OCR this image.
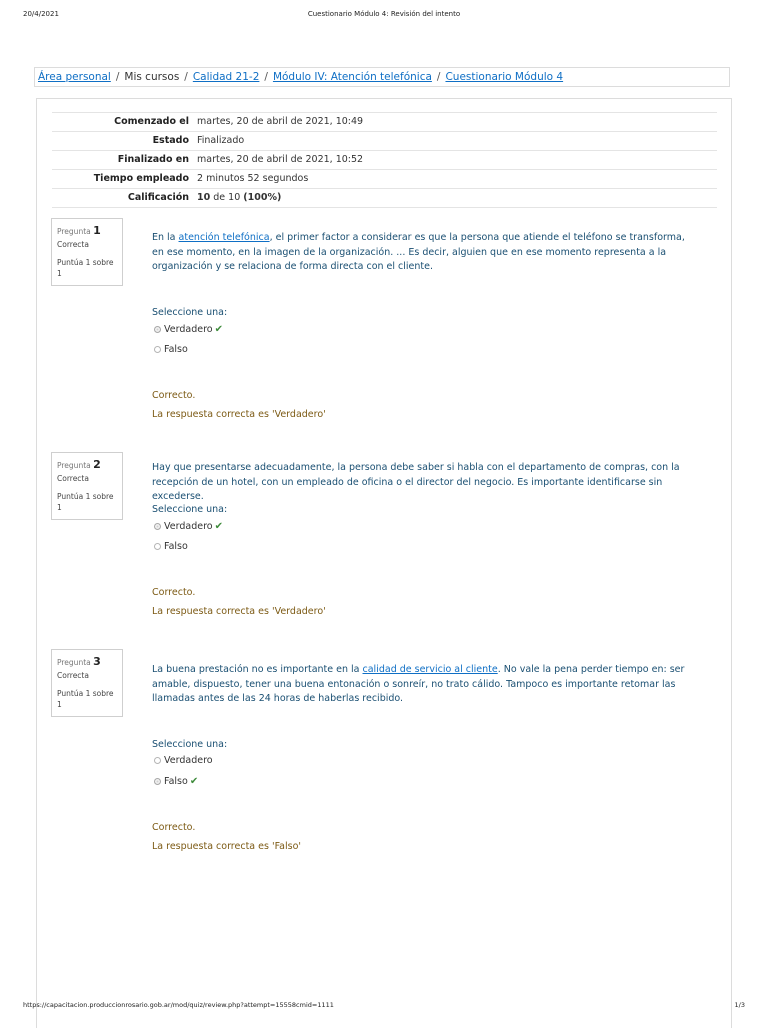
20/4/2021	Cuestionario Módulo 4: Revisión del intento
Área personal / Mis cursos / Calidad 21-2 / Módulo IV: Atención telefónica / Cuestionario Módulo 4
Comenzado el	martes, 20 de abril de 2021, 10:49
Estado	Finalizado
Finalizado en	martes, 20 de abril de 2021, 10:52
Tiempo empleado	2 minutos 52 segundos
Calificación	10 de 10 (100%)
Pregunta 1
Correcta
Puntúa 1 sobre 1
En la atención telefónica, el primer factor a considerar es que la persona que atiende el teléfono se transforma, en ese momento, en la imagen de la organización. ... Es decir, alguien que en ese momento representa a la organización y se relaciona de forma directa con el cliente.
Seleccione una:
Verdadero ✔
Falso
Correcto.
La respuesta correcta es 'Verdadero'
Pregunta 2
Correcta
Puntúa 1 sobre 1
Hay que presentarse adecuadamente, la persona debe saber si habla con el departamento de compras, con la recepción de un hotel, con un empleado de oficina o el director del negocio. Es importante identificarse sin excederse.
Seleccione una:
Verdadero ✔
Falso
Correcto.
La respuesta correcta es 'Verdadero'
Pregunta 3
Correcta
Puntúa 1 sobre 1
La buena prestación no es importante en la calidad de servicio al cliente. No vale la pena perder tiempo en: ser amable, dispuesto, tener una buena entonación o sonreír, no trato cálido. Tampoco es importante retomar las llamadas antes de las 24 horas de haberlas recibido.
Seleccione una:
Verdadero
Falso ✔
Correcto.
La respuesta correcta es 'Falso'
https://capacitacion.produccionrosario.gob.ar/mod/quiz/review.php?attempt=15558cmid=1111	1/3
